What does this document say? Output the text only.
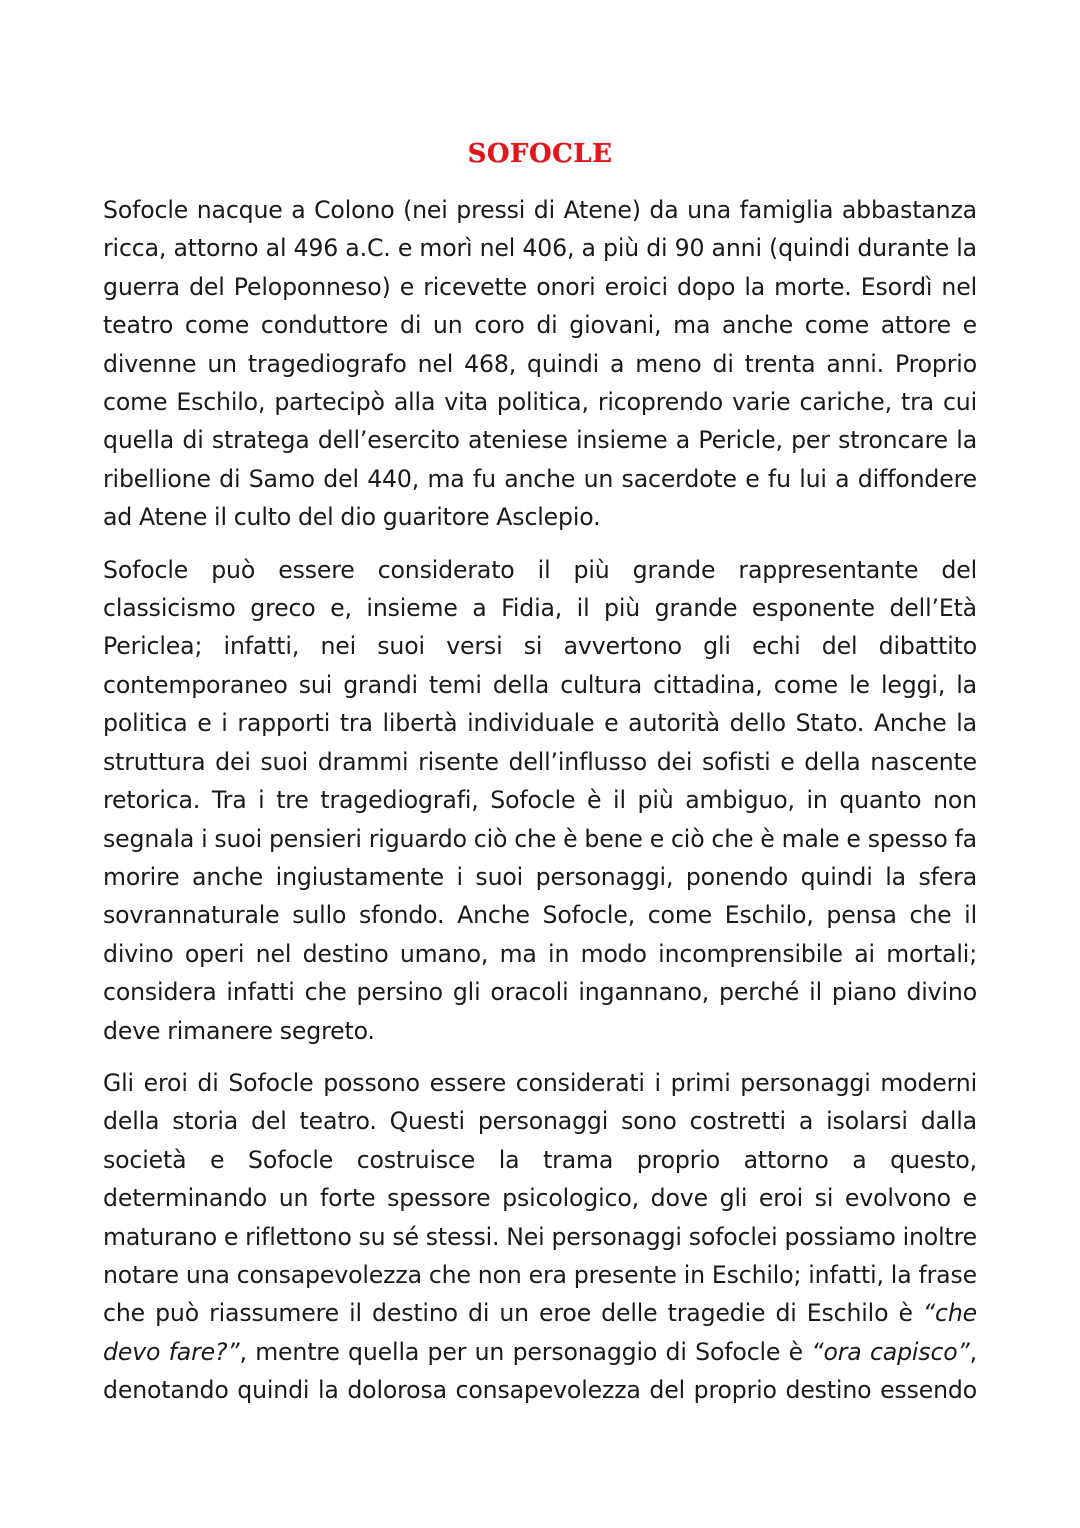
SOFOCLE

Sofocle nacque a Colono (nei pressi di Atene) da una famiglia abbastanza ricca, attorno al 496 a.C. e morì nel 406, a più di 90 anni (quindi durante la guerra del Peloponneso) e ricevette onori eroici dopo la morte. Esordì nel teatro come conduttore di un coro di giovani, ma anche come attore e divenne un tragediografo nel 468, quindi a meno di trenta anni. Proprio come Eschilo, partecipò alla vita politica, ricoprendo varie cariche, tra cui quella di stratega dell’esercito ateniese insieme a Pericle, per stroncare la ribellione di Samo del 440, ma fu anche un sacerdote e fu lui a diffondere ad Atene il culto del dio guaritore Asclepio.

Sofocle può essere considerato il più grande rappresentante del classicismo greco e, insieme a Fidia, il più grande esponente dell’Età Periclea; infatti, nei suoi versi si avvertono gli echi del dibattito contemporaneo sui grandi temi della cultura cittadina, come le leggi, la politica e i rapporti tra libertà individuale e autorità dello Stato. Anche la struttura dei suoi drammi risente dell’influsso dei sofisti e della nascente retorica. Tra i tre tragediografi, Sofocle è il più ambiguo, in quanto non segnala i suoi pensieri riguardo ciò che è bene e ciò che è male e spesso fa morire anche ingiustamente i suoi personaggi, ponendo quindi la sfera sovrannaturale sullo sfondo. Anche Sofocle, come Eschilo, pensa che il divino operi nel destino umano, ma in modo incomprensibile ai mortali; considera infatti che persino gli oracoli ingannano, perché il piano divino deve rimanere segreto.

Gli eroi di Sofocle possono essere considerati i primi personaggi moderni della storia del teatro. Questi personaggi sono costretti a isolarsi dalla società e Sofocle costruisce la trama proprio attorno a questo, determinando un forte spessore psicologico, dove gli eroi si evolvono e maturano e riflettono su sé stessi. Nei personaggi sofoclei possiamo inoltre notare una consapevolezza che non era presente in Eschilo; infatti, la frase che può riassumere il destino di un eroe delle tragedie di Eschilo è “che devo fare?”, mentre quella per un personaggio di Sofocle è “ora capisco”, denotando quindi la dolorosa consapevolezza del proprio destino essendo
